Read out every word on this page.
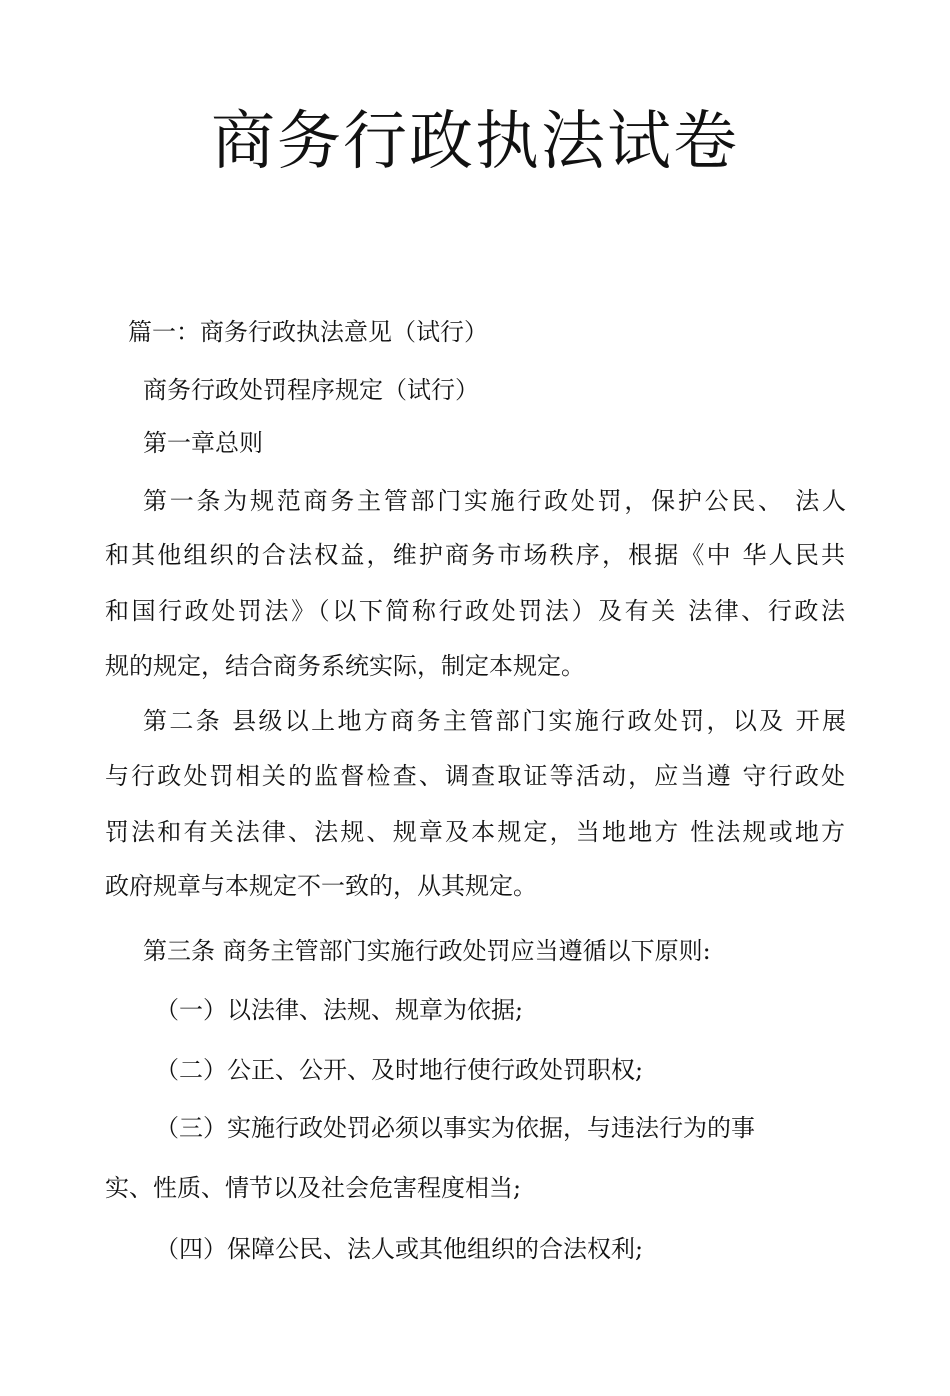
商务行政执法试卷
篇一：商务行政执法意见（试行）
商务行政处罚程序规定（试行）
第一章总则
第一条为规范商务主管部门实施行政处罚，保护公民、 法人
和其他组织的合法权益，维护商务市场秩序，根据《中 华人民共
和国行政处罚法》（以下简称行政处罚法）及有关 法律、行政法
规的规定，结合商务系统实际，制定本规定。
第二条 县级以上地方商务主管部门实施行政处罚，以及 开展
与行政处罚相关的监督检查、调查取证等活动，应当遵 守行政处
罚法和有关法律、法规、规章及本规定，当地地方 性法规或地方
政府规章与本规定不一致的，从其规定。
第三条 商务主管部门实施行政处罚应当遵循以下原则:
（一）以法律、法规、规章为依据;
（二）公正、公开、及时地行使行政处罚职权;
（三）实施行政处罚必须以事实为依据，与违法行为的事
实、性质、情节以及社会危害程度相当;
（四）保障公民、法人或其他组织的合法权利;
